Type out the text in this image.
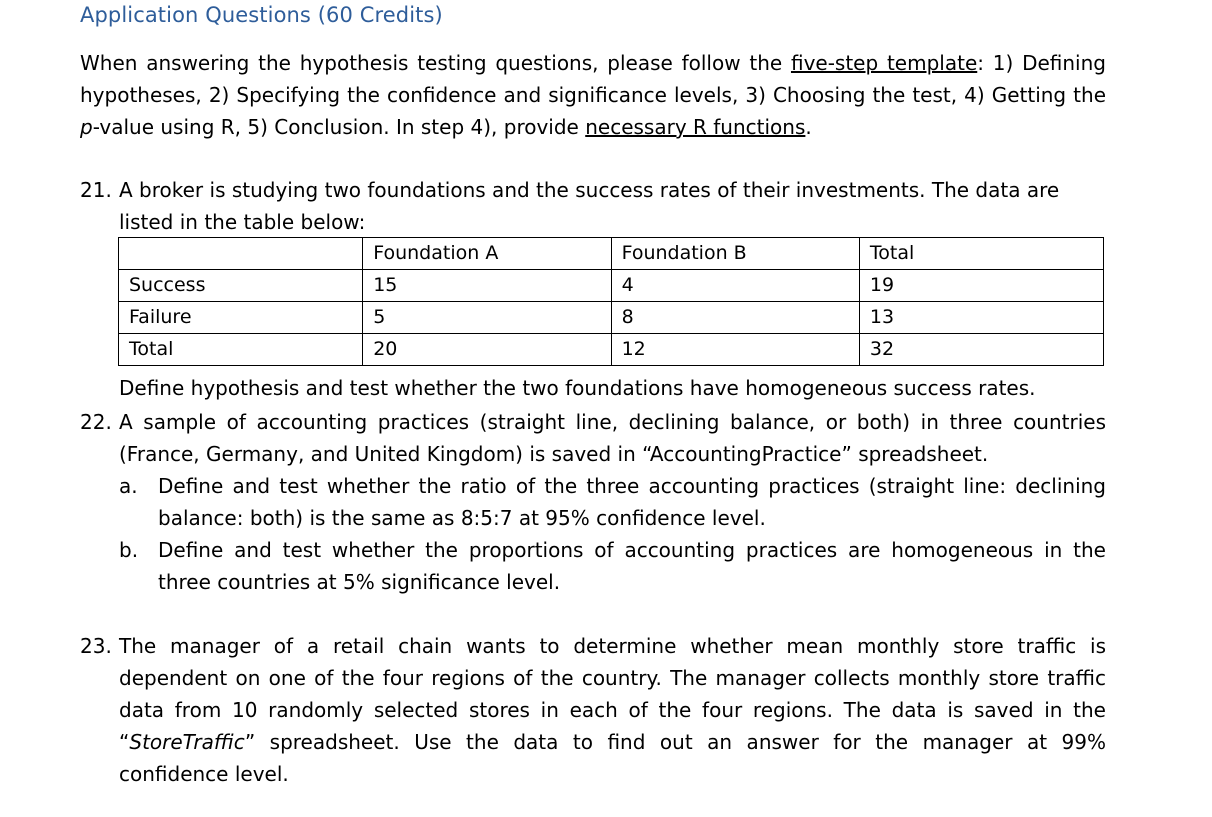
Application Questions (60 Credits)
When answering the hypothesis testing questions, please follow the five-step template: 1) Defining hypotheses, 2) Specifying the confidence and significance levels, 3) Choosing the test, 4) Getting the p-value using R, 5) Conclusion. In step 4), provide necessary R functions.
21. A broker is studying two foundations and the success rates of their investments. The data are listed in the table below:
	Foundation A	Foundation B	Total
Success	15	4	19
Failure	5	8	13
Total	20	12	32
Define hypothesis and test whether the two foundations have homogeneous success rates.
22. A sample of accounting practices (straight line, declining balance, or both) in three countries (France, Germany, and United Kingdom) is saved in “AccountingPractice” spreadsheet.
a. Define and test whether the ratio of the three accounting practices (straight line: declining balance: both) is the same as 8:5:7 at 95% confidence level.
b. Define and test whether the proportions of accounting practices are homogeneous in the three countries at 5% significance level.
23. The manager of a retail chain wants to determine whether mean monthly store traffic is dependent on one of the four regions of the country. The manager collects monthly store traffic data from 10 randomly selected stores in each of the four regions. The data is saved in the “StoreTraffic” spreadsheet. Use the data to find out an answer for the manager at 99% confidence level.
